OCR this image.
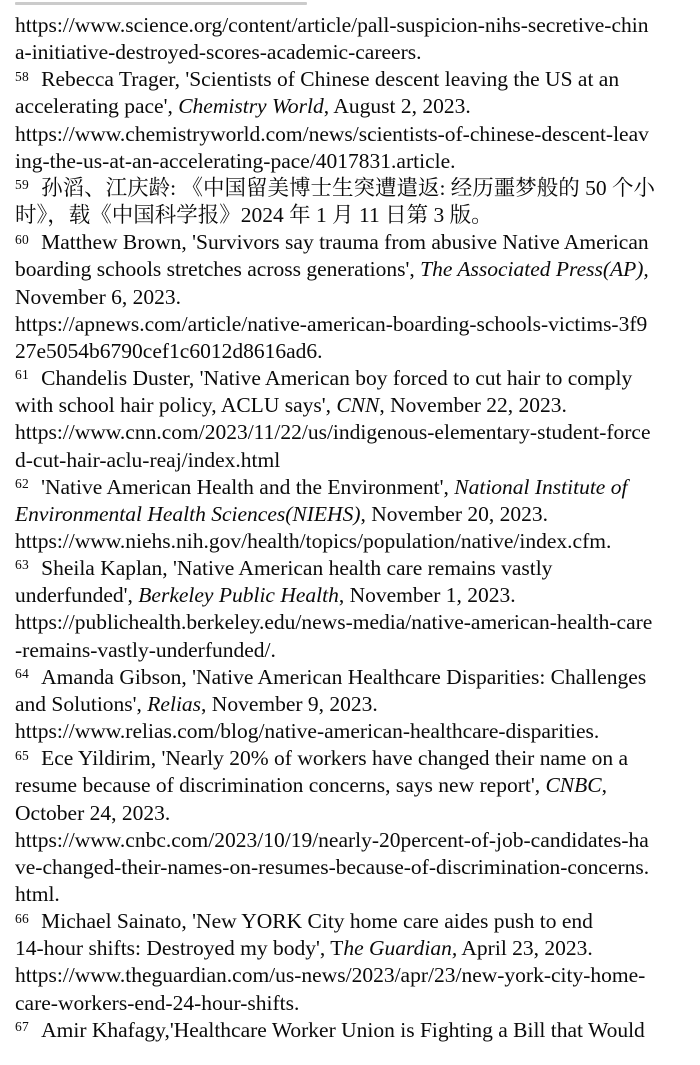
https://www.science.org/content/article/pall-suspicion-nihs-secretive-chin
a-initiative-destroyed-scores-academic-careers.
$^{58}$ Rebecca Trager, 'Scientists of Chinese descent leaving the US at an
accelerating pace', Chemistry World, August 2, 2023.
https://www.chemistryworld.com/news/scientists-of-chinese-descent-leav
ing-the-us-at-an-accelerating-pace/4017831.article.
$^{59}$ 孙滔、江庆龄: 《中国留美博士生突遭遣返: 经历噩梦般的 50 个小
时》，载《中国科学报》2024 年 1 月 11 日第 3 版。
$^{60}$ Matthew Brown, 'Survivors say trauma from abusive Native American
boarding schools stretches across generations', The Associated Press(AP),
November 6, 2023.
https://apnews.com/article/native-american-boarding-schools-victims-3f9
27e5054b6790cef1c6012d8616ad6.
$^{61}$ Chandelis Duster, 'Native American boy forced to cut hair to comply
with school hair policy, ACLU says', CNN, November 22, 2023.
https://www.cnn.com/2023/11/22/us/indigenous-elementary-student-force
d-cut-hair-aclu-reaj/index.html
$^{62}$ 'Native American Health and the Environment', National Institute of
Environmental Health Sciences(NIEHS), November 20, 2023.
https://www.niehs.nih.gov/health/topics/population/native/index.cfm.
$^{63}$ Sheila Kaplan, 'Native American health care remains vastly
underfunded', Berkeley Public Health, November 1, 2023.
https://publichealth.berkeley.edu/news-media/native-american-health-care
-remains-vastly-underfunded/.
$^{64}$ Amanda Gibson, 'Native American Healthcare Disparities: Challenges
and Solutions', Relias, November 9, 2023.
https://www.relias.com/blog/native-american-healthcare-disparities.
$^{65}$ Ece Yildirim, 'Nearly 20% of workers have changed their name on a
resume because of discrimination concerns, says new report', CNBC,
October 24, 2023.
https://www.cnbc.com/2023/10/19/nearly-20percent-of-job-candidates-ha
ve-changed-their-names-on-resumes-because-of-discrimination-concerns.
html.
$^{66}$ Michael Sainato, 'New YORK City home care aides push to end
14-hour shifts: Destroyed my body', The Guardian, April 23, 2023.
https://www.theguardian.com/us-news/2023/apr/23/new-york-city-home-
care-workers-end-24-hour-shifts.
$^{67}$ Amir Khafagy,'Healthcare Worker Union is Fighting a Bill that Would
